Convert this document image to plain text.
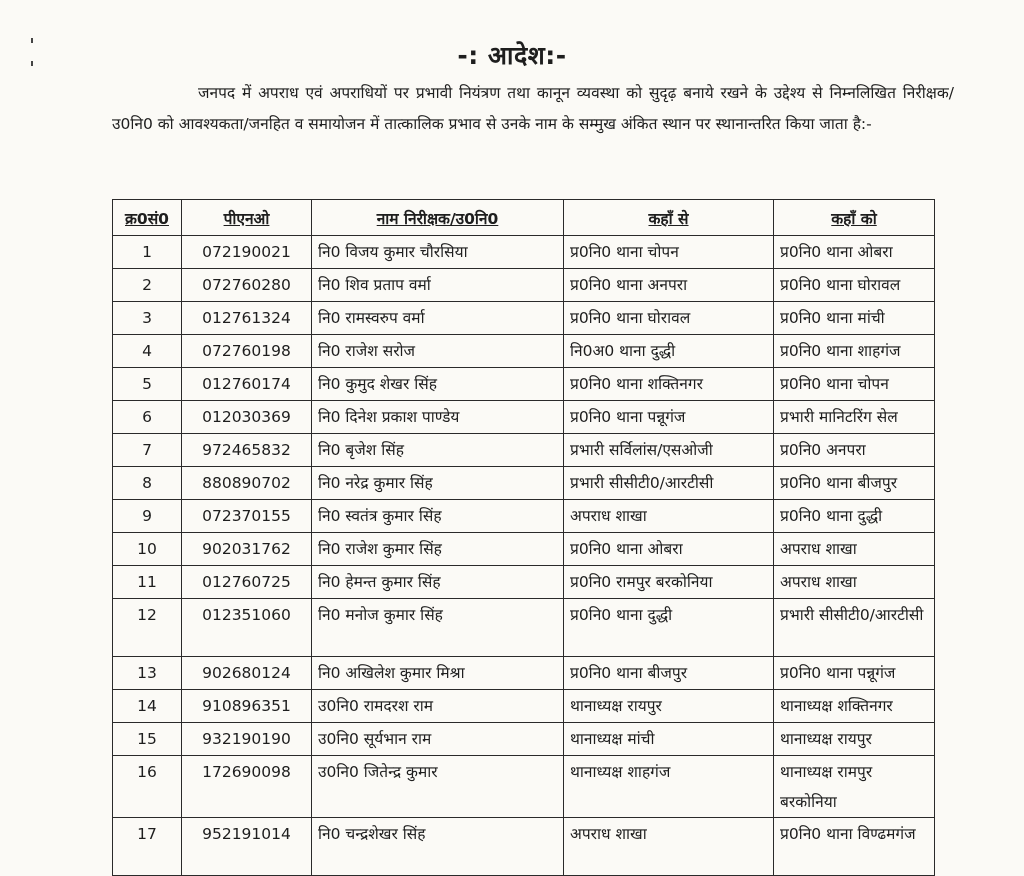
-: आदेश:-
जनपद में अपराध एवं अपराधियों पर प्रभावी नियंत्रण तथा कानून व्यवस्था को सुदृढ़ बनाये रखने के उद्देश्य से निम्नलिखित निरीक्षक/उ0नि0 को आवश्यकता/जनहित व समायोजन में तात्कालिक प्रभाव से उनके नाम के सम्मुख अंकित स्थान पर स्थानान्तरित किया जाता है:-
क्र0सं0	पीएनओ	नाम निरीक्षक/उ0नि0	कहाँ से	कहाँ को
1	072190021	नि0 विजय कुमार चौरसिया	प्र0नि0 थाना चोपन	प्र0नि0 थाना ओबरा
2	072760280	नि0 शिव प्रताप वर्मा	प्र0नि0 थाना अनपरा	प्र0नि0 थाना घोरावल
3	012761324	नि0 रामस्वरुप वर्मा	प्र0नि0 थाना घोरावल	प्र0नि0 थाना मांची
4	072760198	नि0 राजेश सरोज	नि0अ0 थाना दुद्धी	प्र0नि0 थाना शाहगंज
5	012760174	नि0 कुमुद शेखर सिंह	प्र0नि0 थाना शक्तिनगर	प्र0नि0 थाना चोपन
6	012030369	नि0 दिनेश प्रकाश पाण्डेय	प्र0नि0 थाना पन्नूगंज	प्रभारी मानिटरिंग सेल
7	972465832	नि0 बृजेश सिंह	प्रभारी सर्विलांस/एसओजी	प्र0नि0 अनपरा
8	880890702	नि0 नरेद्र कुमार सिंह	प्रभारी सीसीटी0/आरटीसी	प्र0नि0 थाना बीजपुर
9	072370155	नि0 स्वतंत्र कुमार सिंह	अपराध शाखा	प्र0नि0 थाना दुद्धी
10	902031762	नि0 राजेश कुमार सिंह	प्र0नि0 थाना ओबरा	अपराध शाखा
11	012760725	नि0 हेमन्त कुमार सिंह	प्र0नि0 रामपुर बरकोनिया	अपराध शाखा
12	012351060	नि0 मनोज कुमार सिंह	प्र0नि0 थाना दुद्धी	प्रभारी सीसीटी0/आरटीसी
13	902680124	नि0 अखिलेश कुमार मिश्रा	प्र0नि0 थाना बीजपुर	प्र0नि0 थाना पन्नूगंज
14	910896351	उ0नि0 रामदरश राम	थानाध्यक्ष रायपुर	थानाध्यक्ष शक्तिनगर
15	932190190	उ0नि0 सूर्यभान राम	थानाध्यक्ष मांची	थानाध्यक्ष रायपुर
16	172690098	उ0नि0 जितेन्द्र कुमार	थानाध्यक्ष शाहगंज	थानाध्यक्ष रामपुर बरकोनिया
17	952191014	नि0 चन्द्रशेखर सिंह	अपराध शाखा	प्र0नि0 थाना विण्ढमगंज
